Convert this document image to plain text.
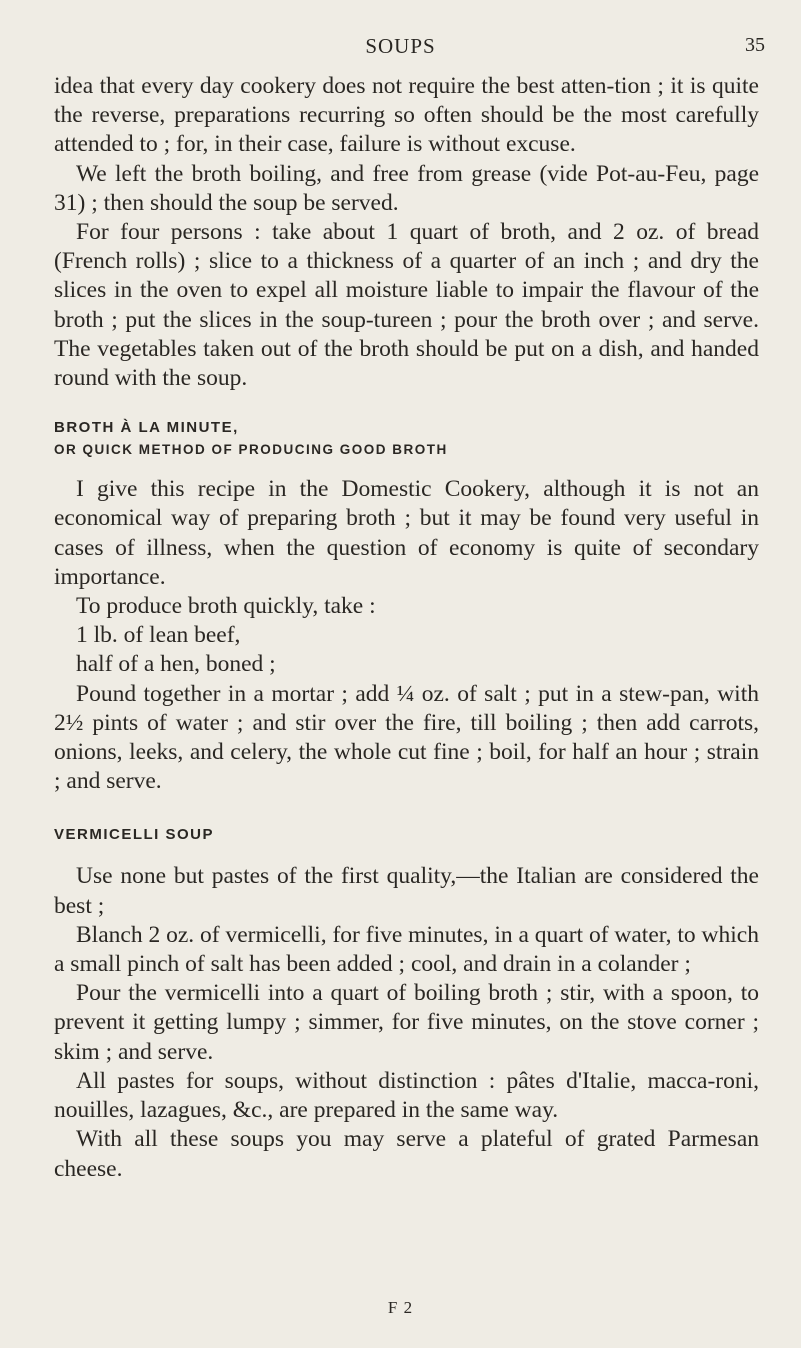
SOUPS	35

idea that every day cookery does not require the best atten-tion ; it is quite the reverse, preparations recurring so often should be the most carefully attended to ; for, in their case, failure is without excuse.

We left the broth boiling, and free from grease (vide Pot-au-Feu, page 31) ; then should the soup be served.

For four persons : take about 1 quart of broth, and 2 oz. of bread (French rolls) ; slice to a thickness of a quarter of an inch ; and dry the slices in the oven to expel all moisture liable to impair the flavour of the broth ; put the slices in the soup-tureen ; pour the broth over ; and serve. The vegetables taken out of the broth should be put on a dish, and handed round with the soup.

BROTH À LA MINUTE,

OR QUICK METHOD OF PRODUCING GOOD BROTH

I give this recipe in the Domestic Cookery, although it is not an economical way of preparing broth ; but it may be found very useful in cases of illness, when the question of economy is quite of secondary importance.

To produce broth quickly, take :

1 lb. of lean beef,

half of a hen, boned ;

Pound together in a mortar ; add ¼ oz. of salt ; put in a stew-pan, with 2½ pints of water ; and stir over the fire, till boiling ; then add carrots, onions, leeks, and celery, the whole cut fine ; boil, for half an hour ; strain ; and serve.

VERMICELLI SOUP

Use none but pastes of the first quality,—the Italian are considered the best ;

Blanch 2 oz. of vermicelli, for five minutes, in a quart of water, to which a small pinch of salt has been added ; cool, and drain in a colander ;

Pour the vermicelli into a quart of boiling broth ; stir, with a spoon, to prevent it getting lumpy ; simmer, for five minutes, on the stove corner ; skim ; and serve.

All pastes for soups, without distinction : pâtes d'Italie, macca-roni, nouilles, lazagues, &c., are prepared in the same way.

With all these soups you may serve a plateful of grated Parmesan cheese.

F 2
